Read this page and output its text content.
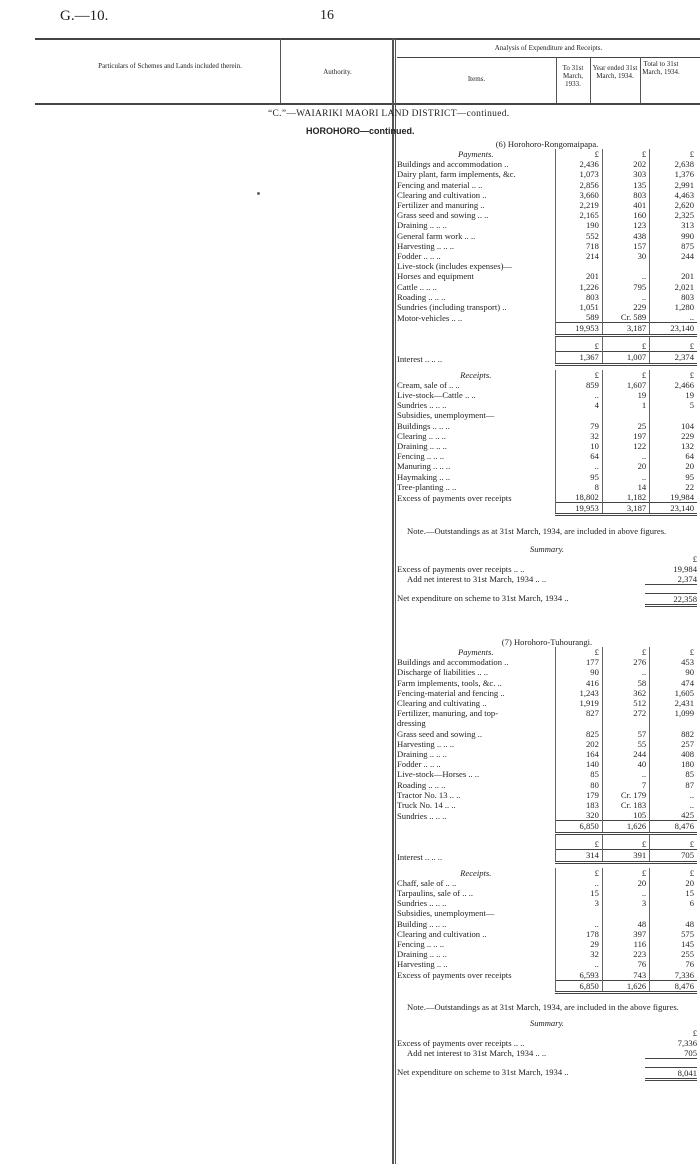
G.—10.	16
Particulars of Schemes and Lands included therein.
Authority.
Analysis of Expenditure and Receipts.
Items.
To 31st March, 1933.
Year ended 31st March, 1934.
Total to 31st March, 1934.
“C.”—WAIARIKI MAORI LAND DISTRICT—continued.
HOROHORO—continued.
(6) Horohoro-Rongomaipapa.
Payments.	£	£	£
Buildings and accommodation ..	2,436	202	2,638
Dairy plant, farm implements, &c.	1,073	303	1,376
Fencing and material .. ..	2,856	135	2,991
Clearing and cultivation ..	3,660	803	4,463
Fertilizer and manuring ..	2,219	401	2,620
Grass seed and sowing .. ..	2,165	160	2,325
Draining .. .. ..	190	123	313
General farm work .. ..	552	438	990
Harvesting .. .. ..	718	157	875
Fodder .. .. ..	214	30	244
Live-stock (includes expenses)—			
Horses and equipment	201	..	201
Cattle .. .. ..	1,226	795	2,021
Roading .. .. ..	803	..	803
Sundries (including transport) ..	1,051	229	1,280
Motor-vehicles .. ..	589	Cr. 589	..
	19,953	3,187	23,140

	£	£	£
Interest .. .. ..	1,367	1,007	2,374
Receipts.	£	£	£
Cream, sale of .. ..	859	1,607	2,466
Live-stock—Cattle .. ..	..	19	19
Sundries .. .. ..	4	1	5
Subsidies, unemployment—			
Buildings .. .. ..	79	25	104
Clearing .. .. ..	32	197	229
Draining .. .. ..	10	122	132
Fencing .. .. ..	64	..	64
Manuring .. .. ..	..	20	20
Haymaking .. ..	95	..	95
Tree-planting .. ..	8	14	22
Excess of payments over receipts	18,802	1,182	19,984
	19,953	3,187	23,140
Note.—Outstandings as at 31st March, 1934, are included in above figures.
Summary.
£
Excess of payments over receipts .. ..	19,984
Add net interest to 31st March, 1934 .. ..	2,374
Net expenditure on scheme to 31st March, 1934 ..	22,358
(7) Horohoro-Tuhourangi.
Payments.	£	£	£
Buildings and accommodation ..	177	276	453
Discharge of liabilities .. ..	90	..	90
Farm implements, tools, &c. ..	416	58	474
Fencing-material and fencing ..	1,243	362	1,605
Clearing and cultivating ..	1,919	512	2,431
Fertilizer, manuring, and top-	827	272	1,099
dressing			
Grass seed and sowing ..	825	57	882
Harvesting .. .. ..	202	55	257
Draining .. .. ..	164	244	408
Fodder .. .. ..	140	40	180
Live-stock—Horses .. ..	85	..	85
Roading .. .. ..	80	7	87
Tractor No. 13 .. ..	179	Cr. 179	..
Truck No. 14 .. ..	183	Cr. 183	..
Sundries .. .. ..	320	105	425
	6,850	1,626	8,476

	£	£	£
Interest .. .. ..	314	391	705
Receipts.	£	£	£
Chaff, sale of .. ..	..	20	20
Tarpaulins, sale of .. ..	15	..	15
Sundries .. .. ..	3	3	6
Subsidies, unemployment—			
Building .. .. ..	..	48	48
Clearing and cultivation ..	178	397	575
Fencing .. .. ..	29	116	145
Draining .. .. ..	32	223	255
Harvesting .. ..	..	76	76
Excess of payments over receipts	6,593	743	7,336
	6,850	1,626	8,476
Note.—Outstandings as at 31st March, 1934, are included in the above figures.
Summary.
£
Excess of payments over receipts .. ..	7,336
Add net interest to 31st March, 1934 .. ..	705
Net expenditure on scheme to 31st March, 1934 ..	8,041
